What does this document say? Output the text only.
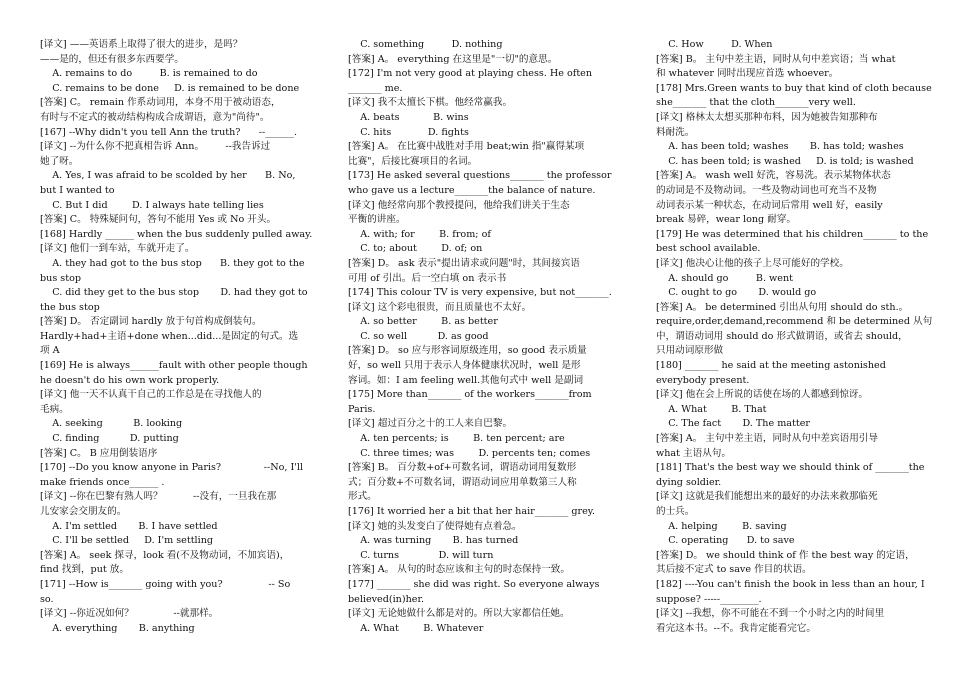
[译文] ——英语系上取得了很大的进步，是吗？
——是的，但还有很多东西要学。
A. remains to do         B. is remained to do
C. remains to be done     D. is remained to be done
[答案] C。 remain 作系动词用，本身不用于被动语态，
有时与不定式的被动结构构成合成谓语，意为"尚待"。
[167] --Why didn't you tell Ann the truth?      --______.
[译文] --为什么你不把真相告诉 Ann。       --我告诉过
她了呀。
A. Yes, I was afraid to be scolded by her      B. No,
but I wanted to
C. But I did        D. I always hate telling lies
[答案] C。 特殊疑问句，答句不能用 Yes 或 No 开头。
[168] Hardly ______ when the bus suddenly pulled away.
[译文] 他们一到车站，车就开走了。
A. they had got to the bus stop      B. they got to the
bus stop
C. did they get to the bus stop       D. had they got to
the bus stop
[答案] D。 否定副词 hardly 放于句首构成倒装句。
Hardly+had+主语+done when...did...是固定的句式。选
项 A
[169] He is always______fault with other people though
he doesn't do his own work properly.
[译文] 他一天不认真干自己的工作总是在寻找他人的
毛病。
A. seeking          B. looking
C. finding          D. putting
[答案] C。 B 应用倒装语序
[170] --Do you know anyone in Paris?              --No, I'll
make friends once______ .
[译文] --你在巴黎有熟人吗？          --没有，一旦我在那
儿安家会交朋友的。
A. I'm settled       B. I have settled
C. I'll be settled     D. I'm settling
[答案] A。 seek 探寻，look 看(不及物动词，不加宾语)，
find 找到，put 放。
[171] --How is_______ going with you?               -- So
so.
[译文] --你近况如何？             --就那样。
A. everything       B. anything
C. something         D. nothing
[答案] A。 everything 在这里是"一切"的意思。
[172] I'm not very good at playing chess. He often
_______ me.
[译文] 我不太擅长下棋。他经常赢我。
A. beats           B. wins
C. hits            D. fights
[答案] A。 在比赛中战胜对手用 beat;win 指"赢得某项
比赛"，后接比赛项目的名词。
[173] He asked several questions_______ the professor
who gave us a lecture_______the balance of nature.
[译文] 他经常向那个教授提问，他给我们讲关于生态
平衡的讲座。
A. with; for        B. from; of
C. to; about        D. of; on
[答案] D。 ask 表示"提出请求或问题"时，其间接宾语
可用 of 引出。后一空白填 on 表示书
[174] This colour TV is very expensive, but not_______.
[译文] 这个彩电很贵，而且质量也不太好。
A. so better        B. as better
C. so well          D. as good
[答案] D。 so 应与形容词原级连用，so good 表示质量
好，so well 只用于表示人身体健康状况时，well 是形
容词。如：I am feeling well.其他句式中 well 是副词
[175] More than_______ of the workers_______from
Paris.
[译文] 超过百分之十的工人来自巴黎。
A. ten percents; is        B. ten percent; are
C. three times; was        D. percents ten; comes
[答案] B。 百分数+of+可数名词，谓语动词用复数形
式；百分数+不可数名词，谓语动词应用单数第三人称
形式。
[176] It worried her a bit that her hair_______ grey.
[译文] 她的头发变白了使得她有点着急。
A. was turning       B. has turned
C. turns             D. will turn
[答案] A。 从句的时态应该和主句的时态保持一致。
[177] _______ she did was right. So everyone always
believed(in)her.
[译文] 无论她做什么都是对的。所以大家都信任她。
A. What        B. Whatever
C. How         D. When
[答案] B。 主句中差主语，同时从句中差宾语；当 what
和 whatever 同时出现应首选 whoever。
[178] Mrs.Green wants to buy that kind of cloth because
she_______ that the cloth_______very well.
[译文] 格林太太想买那种布料，因为她被告知那种布
料耐洗。
A. has been told; washes       B. has told; washes
C. has been told; is washed     D. is told; is washed
[答案] A。 wash well 好洗，容易洗。表示某物体状态
的动词是不及物动词。一些及物动词也可充当不及物
动词表示某一种状态，在动词后常用 well 好，easily
break 易碎，wear long 耐穿。
[179] He was determined that his children_______ to the
best school available.
[译文] 他决心让他的孩子上尽可能好的学校。
A. should go         B. went
C. ought to go       D. would go
[答案] A。 be determined 引出从句用 should do sth.。
require,order,demand,recommend 和 be determined 从句
中，谓语动词用 should do 形式做谓语，或省去 should，
只用动词原形做
[180] _______ he said at the meeting astonished
everybody present.
[译文] 他在会上所说的话使在场的人都感到惊讶。
A. What        B. That
C. The fact       D. The matter
[答案] A。 主句中差主语，同时从句中差宾语用引导
what 主语从句。
[181] That's the best way we should think of _______the
dying soldier.
[译文] 这就是我们能想出来的最好的办法来救那临死
的士兵。
A. helping        B. saving
C. operating      D. to save
[答案] D。 we should think of 作 the best way 的定语，
其后接不定式 to save 作目的状语。
[182] ----You can't finish the book in less than an hour, I
suppose? -----________.
[译文] --我想，你不可能在不到一个小时之内的时间里
看完这本书。--不。我肯定能看完它。
